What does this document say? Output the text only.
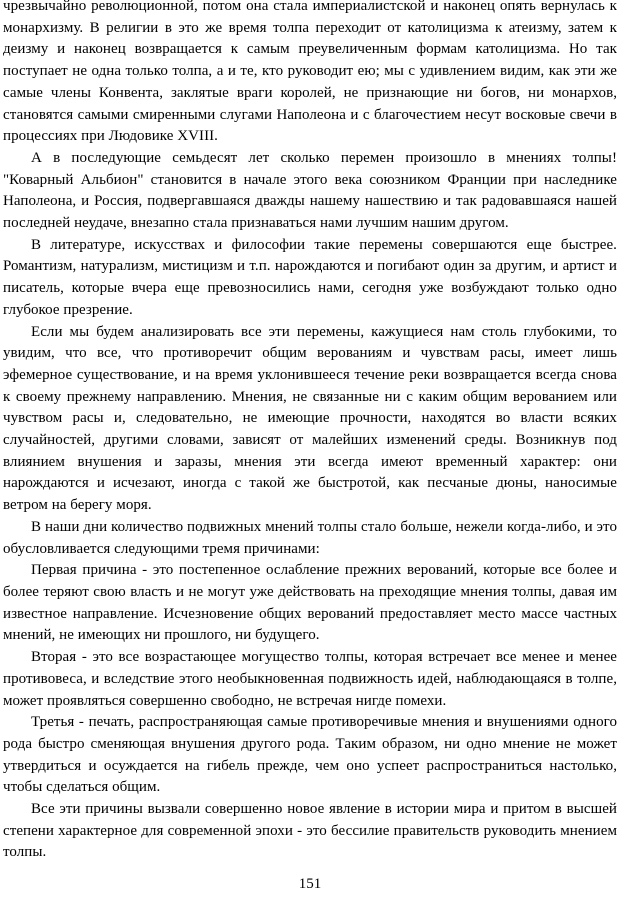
чрезвычайно революционной, потом она стала империалистской и наконец опять вернулась к монархизму. В религии в это же время толпа переходит от католицизма к атеизму, затем к деизму и наконец возвращается к самым преувеличенным формам католицизма. Но так поступает не одна только толпа, а и те, кто руководит ею; мы с удивлением видим, как эти же самые члены Конвента, заклятые враги королей, не признающие ни богов, ни монархов, становятся самыми смиренными слугами Наполеона и с благочестием несут восковые свечи в процессиях при Людовике XVIII.

А в последующие семьдесят лет сколько перемен произошло в мнениях толпы! "Коварный Альбион" становится в начале этого века союзником Франции при наследнике Наполеона, и Россия, подвергавшаяся дважды нашему нашествию и так радовавшаяся нашей последней неудаче, внезапно стала признаваться нами лучшим нашим другом.

В литературе, искусствах и философии такие перемены совершаются еще быстрее. Романтизм, натурализм, мистицизм и т.п. нарождаются и погибают один за другим, и артист и писатель, которые вчера еще превозносились нами, сегодня уже возбуждают только одно глубокое презрение.

Если мы будем анализировать все эти перемены, кажущиеся нам столь глубокими, то увидим, что все, что противоречит общим верованиям и чувствам расы, имеет лишь эфемерное существование, и на время уклонившееся течение реки возвращается всегда снова к своему прежнему направлению. Мнения, не связанные ни с каким общим верованием или чувством расы и, следовательно, не имеющие прочности, находятся во власти всяких случайностей, другими словами, зависят от малейших изменений среды. Возникнув под влиянием внушения и заразы, мнения эти всегда имеют временный характер: они нарождаются и исчезают, иногда с такой же быстротой, как песчаные дюны, наносимые ветром на берегу моря.

В наши дни количество подвижных мнений толпы стало больше, нежели когда-либо, и это обусловливается следующими тремя причинами:

Первая причина - это постепенное ослабление прежних верований, которые все более и более теряют свою власть и не могут уже действовать на преходящие мнения толпы, давая им известное направление. Исчезновение общих верований предоставляет место массе частных мнений, не имеющих ни прошлого, ни будущего.

Вторая - это все возрастающее могущество толпы, которая встречает все менее и менее противовеса, и вследствие этого необыкновенная подвижность идей, наблюдающаяся в толпе, может проявляться совершенно свободно, не встречая нигде помехи.

Третья - печать, распространяющая самые противоречивые мнения и внушениями одного рода быстро сменяющая внушения другого рода. Таким образом, ни одно мнение не может утвердиться и осуждается на гибель прежде, чем оно успеет распространиться настолько, чтобы сделаться общим.

Все эти причины вызвали совершенно новое явление в истории мира и притом в высшей степени характерное для современной эпохи - это бессилие правительств руководить мнением толпы.

151
